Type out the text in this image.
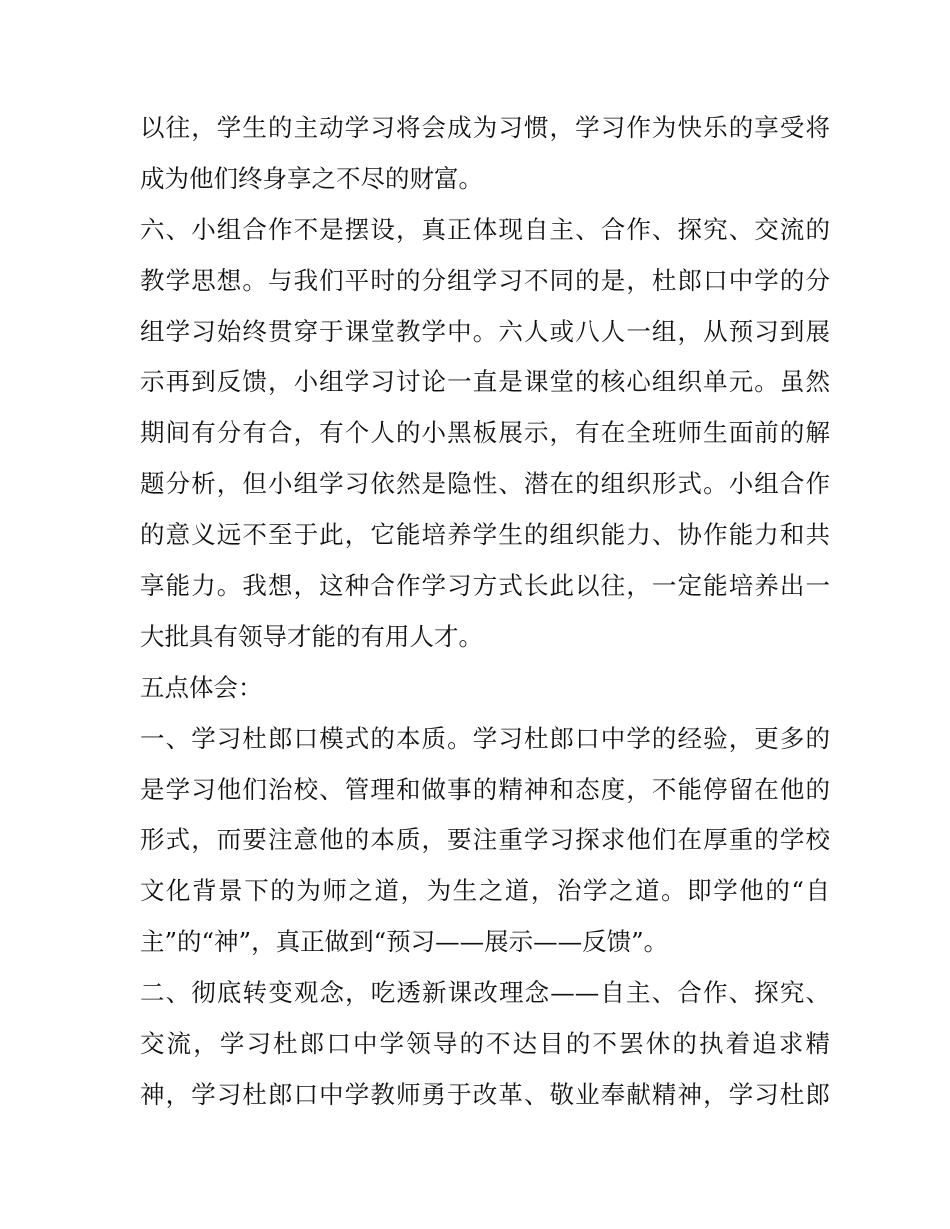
以往，学生的主动学习将会成为习惯，学习作为快乐的享受将
成为他们终身享之不尽的财富。
六、小组合作不是摆设，真正体现自主、合作、探究、交流的
教学思想。与我们平时的分组学习不同的是，杜郎口中学的分
组学习始终贯穿于课堂教学中。六人或八人一组，从预习到展
示再到反馈，小组学习讨论一直是课堂的核心组织单元。虽然
期间有分有合，有个人的小黑板展示，有在全班师生面前的解
题分析，但小组学习依然是隐性、潜在的组织形式。小组合作
的意义远不至于此，它能培养学生的组织能力、协作能力和共
享能力。我想，这种合作学习方式长此以往，一定能培养出一
大批具有领导才能的有用人才。
五点体会：
一、学习杜郎口模式的本质。学习杜郎口中学的经验，更多的
是学习他们治校、管理和做事的精神和态度，不能停留在他的
形式，而要注意他的本质，要注重学习探求他们在厚重的学校
文化背景下的为师之道，为生之道，治学之道。即学他的“自
主”的“神”，真正做到“预习——展示——反馈”。
二、彻底转变观念，吃透新课改理念——自主、合作、探究、
交流，学习杜郎口中学领导的不达目的不罢休的执着追求精
神，学习杜郎口中学教师勇于改革、敬业奉献精神，学习杜郎
